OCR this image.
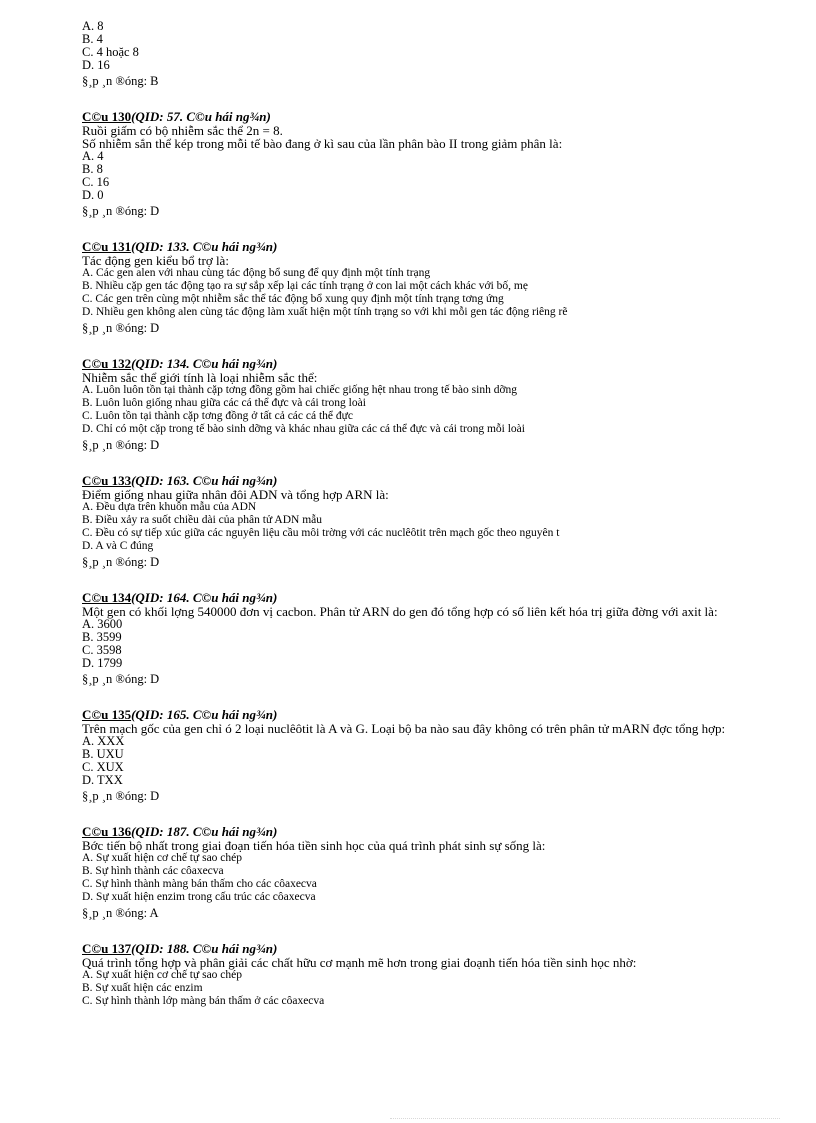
A. 8
B. 4
C. 4 hoặc 8
D. 16
§¸p ¸n ®óng: B
C©u 130(QID: 57. C©u hái ng¾n)
Ruồi giấm có bộ nhiễm sắc thể 2n = 8.
Số nhiễm sắn thể kép trong mỗi tế bào đang ở kì sau của lần phân bào II trong giảm phân là:
A. 4
B. 8
C. 16
D. 0
§¸p ¸n ®óng: D
C©u 131(QID: 133. C©u hái ng¾n)
Tác động gen kiểu bổ trợ là:
A. Các gen alen với nhau cùng tác động bổ sung để quy định một tính trạng
B. Nhiều cặp gen tác động tạo ra sự sắp xếp lại các tính trạng ở con lai một cách khác với bố, mẹ
C. Các gen trên cùng một nhiễm sắc thể tác động bổ xung quy định một tính trạng tơng ứng
D. Nhiều gen không alen cùng tác động làm xuất hiện một tính trạng so với khi mỗi gen tác động riêng rẽ
§¸p ¸n ®óng: D
C©u 132(QID: 134. C©u hái ng¾n)
Nhiễm sắc thể giới tính là loại nhiễm sắc thể:
A. Luôn luôn tồn tại thành cặp tơng đồng gồm hai chiếc giống hệt nhau trong tế bào sinh dỡng
B. Luôn luôn giống nhau giữa các cá thể đực và cái trong loài
C. Luôn tồn tại thành cặp tơng đồng ở tất cả các cá thể đực
D. Chỉ có một cặp trong tế bào sinh dỡng và khác nhau giữa các cá thể đực và cái trong mỗi loài
§¸p ¸n ®óng: D
C©u 133(QID: 163. C©u hái ng¾n)
Điểm giống nhau giữa nhân đôi ADN và tổng hợp ARN là:
A. Đều dựa trên khuôn mẫu của ADN
B. Điều xảy ra suốt chiều dài của phân tử ADN mẫu
C. Đều có sự tiếp xúc giữa các nguyên liệu cầu môi trờng với các nuclêôtit trên mạch gốc theo nguyên t
D. A và C đúng
§¸p ¸n ®óng: D
C©u 134(QID: 164. C©u hái ng¾n)
Một gen có khối lợng 540000 đơn vị cacbon. Phân tử ARN do gen đó tổng hợp có số liên kết hóa trị giữa đờng với axit là:
A. 3600
B. 3599
C. 3598
D. 1799
§¸p ¸n ®óng: D
C©u 135(QID: 165. C©u hái ng¾n)
Trên mạch gốc của gen chỉ ó 2 loại nuclêôtit là A và G. Loại bộ ba nào sau đây không có trên phân tử mARN đợc tổng hợp:
A. XXX
B. UXU
C. XUX
D. TXX
§¸p ¸n ®óng: D
C©u 136(QID: 187. C©u hái ng¾n)
Bớc tiến bộ nhất trong giai đoạn tiến hóa tiền sinh học của quá trình phát sinh sự sống là:
A. Sự xuất hiện cơ chế tự sao chép
B. Sự hình thành các côaxecva
C. Sự hình thành màng bán thấm cho các côaxecva
D. Sự xuất hiện enzim trong cấu trúc các côaxecva
§¸p ¸n ®óng: A
C©u 137(QID: 188. C©u hái ng¾n)
Quá trình tổng hợp và phân giải các chất hữu cơ mạnh mẽ hơn trong giai đoạnh tiến hóa tiền sinh học nhờ:
A. Sự xuất hiện cơ chế tự sao chép
B. Sự xuất hiện các enzim
C. Sự hình thành lớp màng bán thấm ở các côaxecva
